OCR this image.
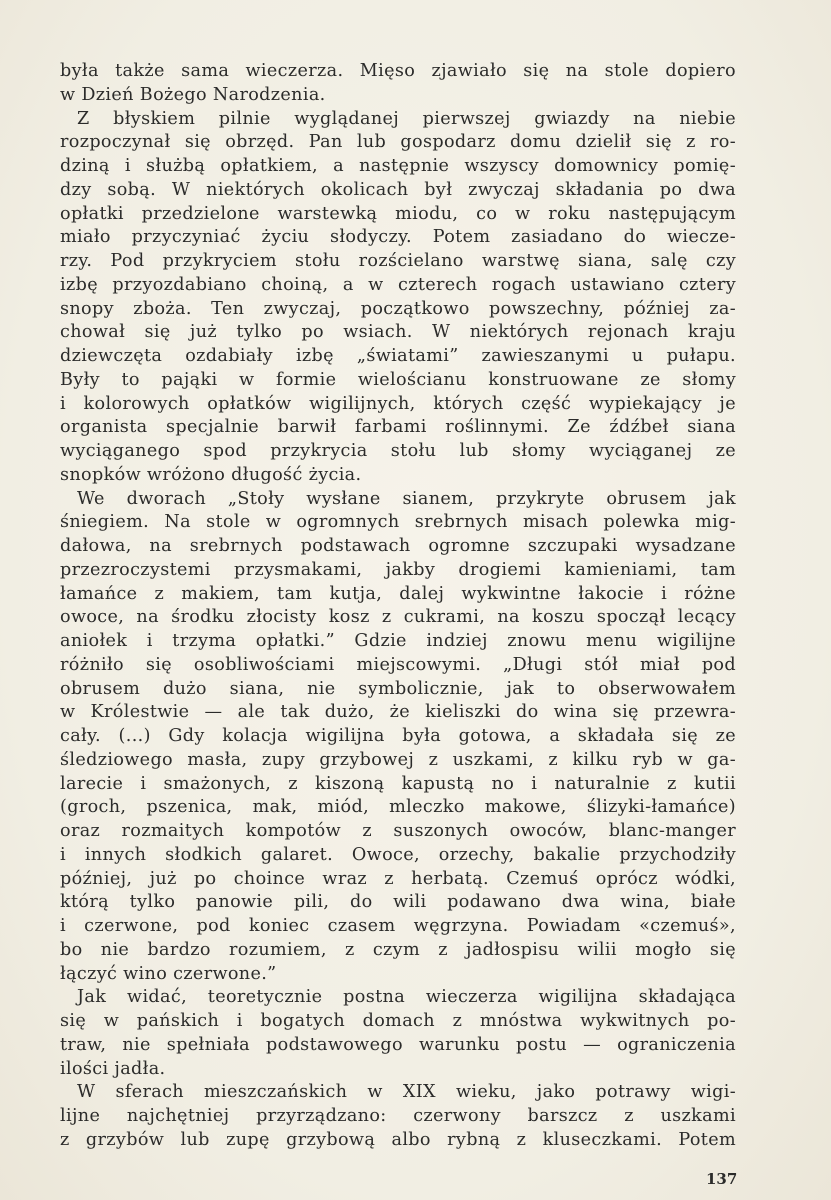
była także sama wieczerza. Mięso zjawiało się na stole dopiero
w Dzień Bożego Narodzenia.
Z błyskiem pilnie wyglądanej pierwszej gwiazdy na niebie
rozpoczynał się obrzęd. Pan lub gospodarz domu dzielił się z ro-
dziną i służbą opłatkiem, a następnie wszyscy domownicy pomię-
dzy sobą. W niektórych okolicach był zwyczaj składania po dwa
opłatki przedzielone warstewką miodu, co w roku następującym
miało przyczyniać życiu słodyczy. Potem zasiadano do wiecze-
rzy. Pod przykryciem stołu rozścielano warstwę siana, salę czy
izbę przyozdabiano choiną, a w czterech rogach ustawiano cztery
snopy zboża. Ten zwyczaj, początkowo powszechny, później za-
chował się już tylko po wsiach. W niektórych rejonach kraju
dziewczęta ozdabiały izbę „światami” zawieszanymi u pułapu.
Były to pająki w formie wielościanu konstruowane ze słomy
i kolorowych opłatków wigilijnych, których część wypiekający je
organista specjalnie barwił farbami roślinnymi. Ze źdźbeł siana
wyciąganego spod przykrycia stołu lub słomy wyciąganej ze
snopków wróżono długość życia.
We dworach „Stoły wysłane sianem, przykryte obrusem jak
śniegiem. Na stole w ogromnych srebrnych misach polewka mig-
dałowa, na srebrnych podstawach ogromne szczupaki wysadzane
przezroczystemi przysmakami, jakby drogiemi kamieniami, tam
łamańce z makiem, tam kutja, dalej wykwintne łakocie i różne
owoce, na środku złocisty kosz z cukrami, na koszu spoczął lecący
aniołek i trzyma opłatki.” Gdzie indziej znowu menu wigilijne
różniło się osobliwościami miejscowymi. „Długi stół miał pod
obrusem dużo siana, nie symbolicznie, jak to obserwowałem
w Królestwie — ale tak dużo, że kieliszki do wina się przewra-
cały. (...) Gdy kolacja wigilijna była gotowa, a składała się ze
śledziowego masła, zupy grzybowej z uszkami, z kilku ryb w ga-
larecie i smażonych, z kiszoną kapustą no i naturalnie z kutii
(groch, pszenica, mak, miód, mleczko makowe, ślizyki-łamańce)
oraz rozmaitych kompotów z suszonych owoców, blanc-manger
i innych słodkich galaret. Owoce, orzechy, bakalie przychodziły
później, już po choince wraz z herbatą. Czemuś oprócz wódki,
którą tylko panowie pili, do wili podawano dwa wina, białe
i czerwone, pod koniec czasem węgrzyna. Powiadam «czemuś»,
bo nie bardzo rozumiem, z czym z jadłospisu wilii mogło się
łączyć wino czerwone.”
Jak widać, teoretycznie postna wieczerza wigilijna składająca
się w pańskich i bogatych domach z mnóstwa wykwitnych po-
traw, nie spełniała podstawowego warunku postu — ograniczenia
ilości jadła.
W sferach mieszczańskich w XIX wieku, jako potrawy wigi-
lijne najchętniej przyrządzano: czerwony barszcz z uszkami
z grzybów lub zupę grzybową albo rybną z kluseczkami. Potem
137
